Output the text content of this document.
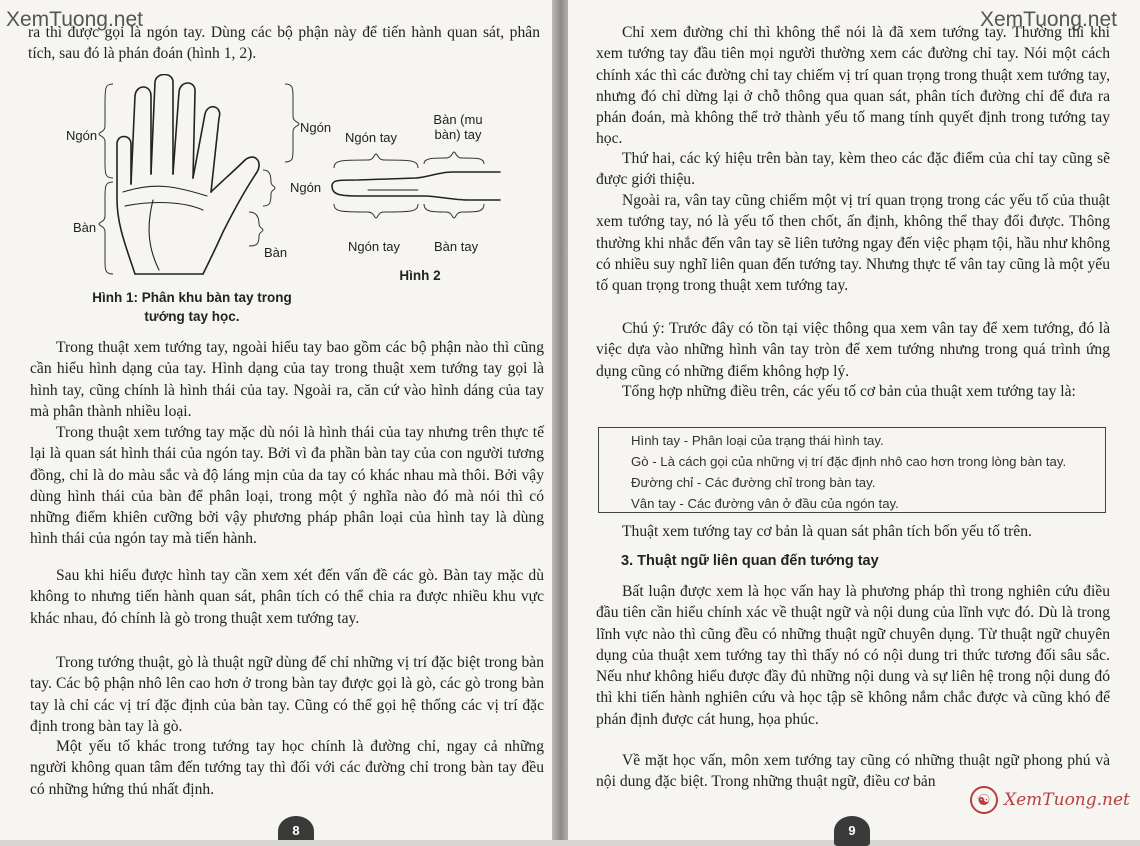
XemTuong.net

ra thì được gọi là ngón tay. Dùng các bộ phận này để tiến hành quan sát, phân tích, sau đó là phán đoán (hình 1, 2).

Ngón
Ngón
Ngón
Bàn
Bàn
Hình 1: Phân khu bàn tay trong tướng tay học.
Ngón tay
Bàn (mu bàn) tay
Ngón tay	Bàn tay
Hình 2

Trong thuật xem tướng tay, ngoài hiểu tay bao gồm các bộ phận nào thì cũng cần hiểu hình dạng của tay. Hình dạng của tay trong thuật xem tướng tay gọi là hình tay, cũng chính là hình thái của tay. Ngoài ra, căn cứ vào hình dáng của tay mà phân thành nhiều loại.

Trong thuật xem tướng tay mặc dù nói là hình thái của tay nhưng trên thực tế lại là quan sát hình thái của ngón tay. Bởi vì đa phần bàn tay của con người tương đồng, chỉ là do màu sắc và độ láng mịn của da tay có khác nhau mà thôi. Bởi vậy dùng hình thái của bàn để phân loại, trong một ý nghĩa nào đó mà nói thì có những điểm khiên cưỡng bởi vậy phương pháp phân loại của hình tay là dùng hình thái của ngón tay mà tiến hành.

Sau khi hiểu được hình tay cần xem xét đến vấn đề các gò. Bàn tay mặc dù không to nhưng tiến hành quan sát, phân tích có thể chia ra được nhiều khu vực khác nhau, đó chính là gò trong thuật xem tướng tay.

Trong tướng thuật, gò là thuật ngữ dùng để chỉ những vị trí đặc biệt trong bàn tay. Các bộ phận nhô lên cao hơn ở trong bàn tay được gọi là gò, các gò trong bàn tay là chỉ các vị trí đặc định của bàn tay. Cũng có thể gọi hệ thống các vị trí đặc định trong bàn tay là gò.

Một yếu tố khác trong tướng tay học chính là đường chỉ, ngay cả những người không quan tâm đến tướng tay thì đối với các đường chỉ trong bàn tay đều có những hứng thú nhất định.

8
XemTuong.net

Chỉ xem đường chỉ thì không thể nói là đã xem tướng tay. Thường thì khi xem tướng tay đầu tiên mọi người thường xem các đường chỉ tay. Nói một cách chính xác thì các đường chỉ tay chiếm vị trí quan trọng trong thuật xem tướng tay, nhưng đó chỉ dừng lại ở chỗ thông qua quan sát, phân tích đường chỉ để đưa ra phán đoán, mà không thể trở thành yếu tố mang tính quyết định trong tướng tay học.

Thứ hai, các ký hiệu trên bàn tay, kèm theo các đặc điểm của chỉ tay cũng sẽ được giới thiệu.

Ngoài ra, vân tay cũng chiếm một vị trí quan trọng trong các yếu tố của thuật xem tướng tay, nó là yếu tố then chốt, ấn định, không thể thay đổi được. Thông thường khi nhắc đến vân tay sẽ liên tưởng ngay đến việc phạm tội, hầu như không có nhiều suy nghĩ liên quan đến tướng tay. Nhưng thực tế vân tay cũng là một yếu tố quan trọng trong thuật xem tướng tay.

Chú ý: Trước đây có tồn tại việc thông qua xem vân tay để xem tướng, đó là việc dựa vào những hình vân tay tròn để xem tướng nhưng trong quá trình ứng dụng cũng có những điểm không hợp lý.

Tổng hợp những điều trên, các yếu tố cơ bản của thuật xem tướng tay là:

Hình tay - Phân loại của trạng thái hình tay.
Gò - Là cách gọi của những vị trí đặc định nhô cao hơn trong lòng bàn tay.
Đường chỉ - Các đường chỉ trong bàn tay.
Vân tay - Các đường vân ở đầu của ngón tay.

Thuật xem tướng tay cơ bản là quan sát phân tích bốn yếu tố trên.

3. Thuật ngữ liên quan đến tướng tay

Bất luận được xem là học vấn hay là phương pháp thì trong nghiên cứu điều đầu tiên cần hiểu chính xác về thuật ngữ và nội dung của lĩnh vực đó. Dù là trong lĩnh vực nào thì cũng đều có những thuật ngữ chuyên dụng. Từ thuật ngữ chuyên dụng của thuật xem tướng tay thì thấy nó có nội dung tri thức tương đối sâu sắc. Nếu như không hiểu được đầy đủ những nội dung và sự liên hệ trong nội dung đó thì khi tiến hành nghiên cứu và học tập sẽ không nắm chắc được và cũng khó để phán định được cát hung, họa phúc.

Về mặt học vấn, môn xem tướng tay cũng có những thuật ngữ phong phú và nội dung đặc biệt. Trong những thuật ngữ, điều cơ bản

9
☯ XemTuong.net
